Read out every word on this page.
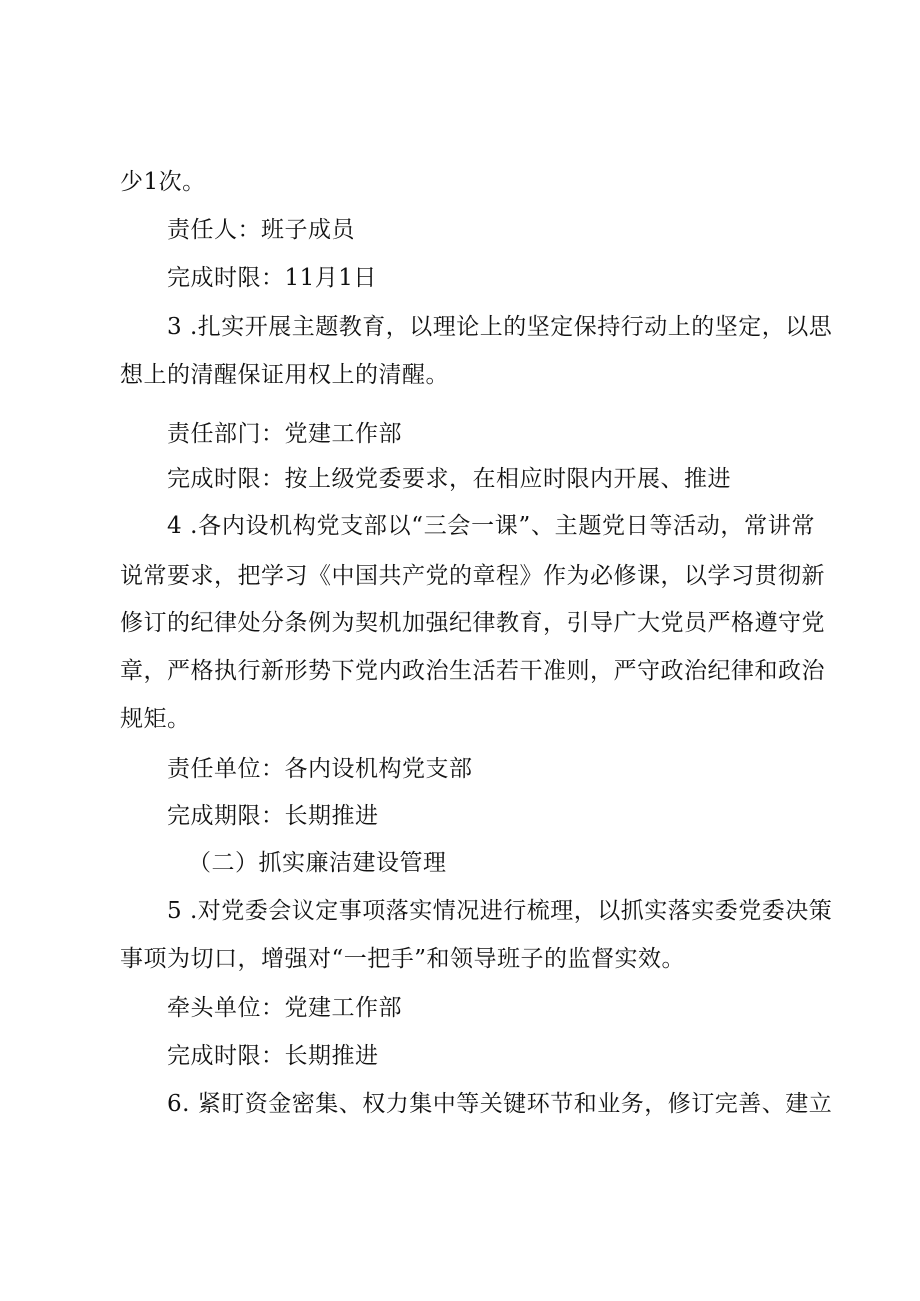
少1次。
责任人：班子成员
完成时限：11月1日
3 .扎实开展主题教育，以理论上的坚定保持行动上的坚定，以思
想上的清醒保证用权上的清醒。
责任部门：党建工作部
完成时限：按上级党委要求，在相应时限内开展、推进
4 .各内设机构党支部以“三会一课”、主题党日等活动，常讲常
说常要求，把学习《中国共产党的章程》作为必修课，以学习贯彻新
修订的纪律处分条例为契机加强纪律教育，引导广大党员严格遵守党
章，严格执行新形势下党内政治生活若干准则，严守政治纪律和政治
规矩。
责任单位：各内设机构党支部
完成期限：长期推进
（二）抓实廉洁建设管理
5 .对党委会议定事项落实情况进行梳理，以抓实落实委党委决策
事项为切口，增强对“一把手”和领导班子的监督实效。
牵头单位：党建工作部
完成时限：长期推进
6. 紧盯资金密集、权力集中等关键环节和业务，修订完善、建立
